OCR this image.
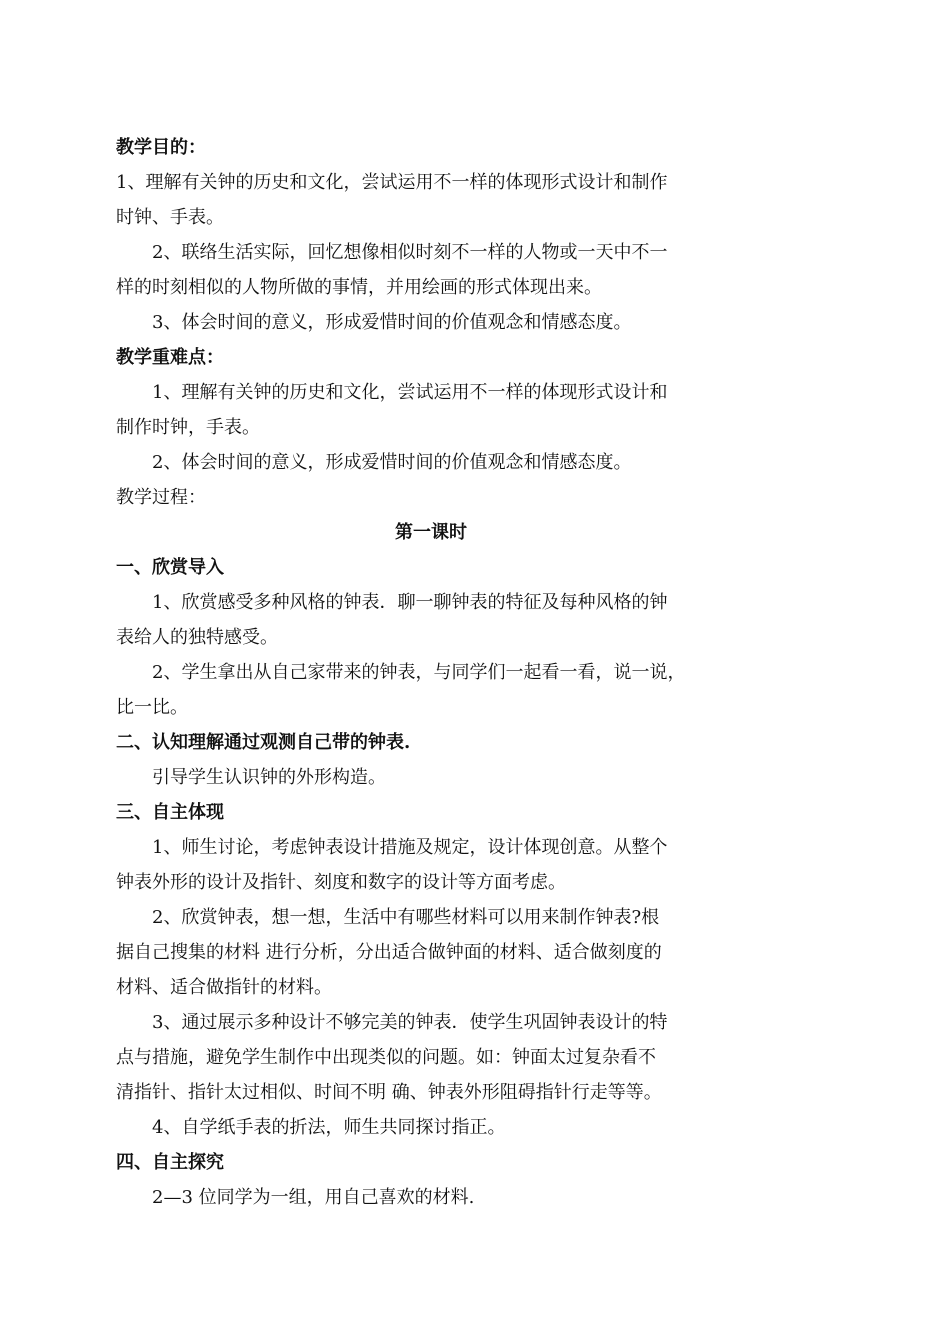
教学目的：

1、理解有关钟的历史和文化，尝试运用不一样的体现形式设计和制作

时钟、手表。

2、联络生活实际，回忆想像相似时刻不一样的人物或一天中不一

样的时刻相似的人物所做的事情，并用绘画的形式体现出来。

3、体会时间的意义，形成爱惜时间的价值观念和情感态度。

教学重难点：

1、理解有关钟的历史和文化，尝试运用不一样的体现形式设计和

制作时钟，手表。

2、体会时间的意义，形成爱惜时间的价值观念和情感态度。

教学过程：

第一课时

一、欣赏导入

1、欣赏感受多种风格的钟表．聊一聊钟表的特征及每种风格的钟

表给人的独特感受。

2、学生拿出从自己家带来的钟表，与同学们一起看一看，说一说，

比一比。

二、认知理解通过观测自己带的钟表.

引导学生认识钟的外形构造。

三、自主体现

1、师生讨论，考虑钟表设计措施及规定，设计体现创意。从整个

钟表外形的设计及指针、刻度和数字的设计等方面考虑。

2、欣赏钟表，想一想，生活中有哪些材料可以用来制作钟表?根

据自己搜集的材料 进行分析，分出适合做钟面的材料、适合做刻度的

材料、适合做指针的材料。

3、通过展示多种设计不够完美的钟表．使学生巩固钟表设计的特

点与措施，避免学生制作中出现类似的问题。如：钟面太过复杂看不

清指针、指针太过相似、时间不明 确、钟表外形阻碍指针行走等等。

4、自学纸手表的折法，师生共同探讨指正。

四、自主探究

2—3 位同学为一组，用自己喜欢的材料.
